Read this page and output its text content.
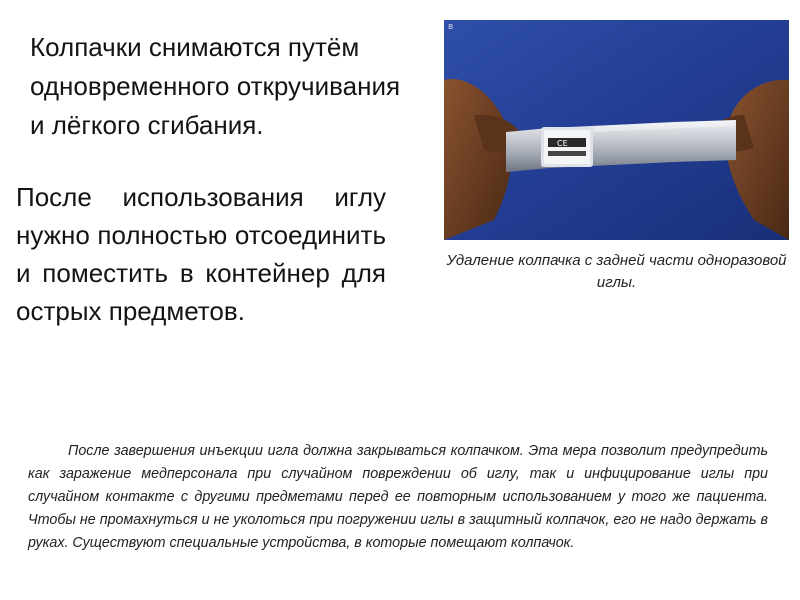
Колпачки снимаются путём одновременного откручивания и лёгкого сгибания.
После использования иглу нужно полностью отсоединить и поместить в контейнер для острых предметов.
CE
в
Удаление колпачка с задней части одноразовой иглы.
После завершения инъекции игла должна закрываться колпачком. Эта мера позволит предупредить как заражение медперсонала при случайном повреждении об иглу, так и инфицирование иглы при случайном контакте с другими предметами перед ее повторным использованием у того же пациента. Чтобы не промахнуться и не уколоться при погружении иглы в защитный колпачок, его не надо держать в руках. Существуют специальные устройства, в которые помещают колпачок.
